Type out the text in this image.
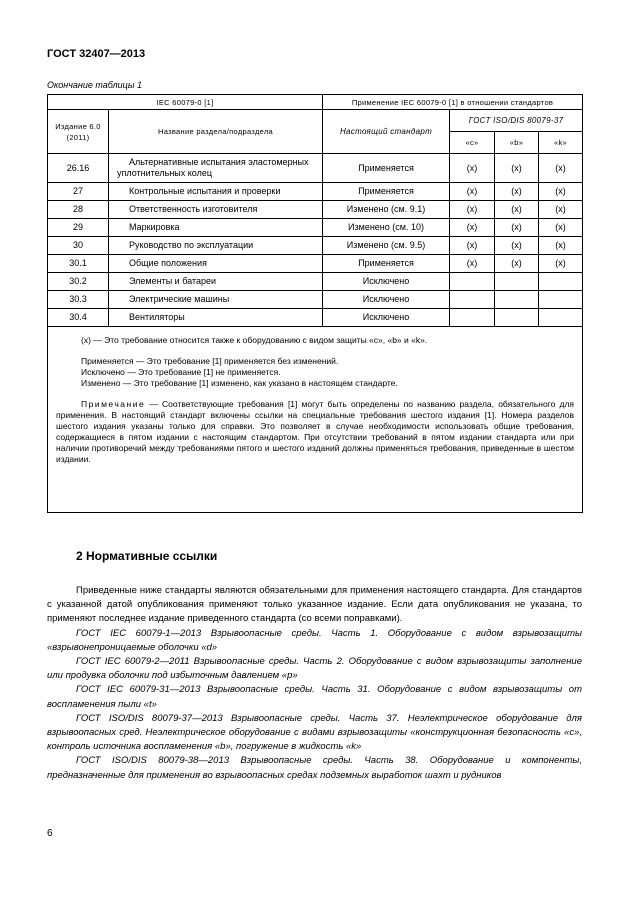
ГОСТ 32407—2013
Окончание таблицы 1
IEC 60079-0 [1]		Применение IEC 60079-0 [1] в отношении стандартов			
Издание 6.0 (2011)	Название раздела/подраздела	Настоящий стандарт	ГОСТ ISO/DIS 80079-37		
			«c»	«b»	«k»
26.16	Альтернативные испытания эластомерных уплотнительных колец	Применяется	(x)	(x)	(x)
27	Контрольные испытания и проверки	Применяется	(x)	(x)	(x)
28	Ответственность изготовителя	Изменено (см. 9.1)	(x)	(x)	(x)
29	Маркировка	Изменено (см. 10)	(x)	(x)	(x)
30	Руководство по эксплуатации	Изменено (см. 9.5)	(x)	(x)	(x)
30.1	Общие положения	Применяется	(x)	(x)	(x)
30.2	Элементы и батареи	Исключено			
30.3	Электрические машины	Исключено			
30.4	Вентиляторы	Исключено			

(x) — Это требование относится также к оборудованию с видом защиты «с», «b» и «k».

Применяется — Это требование [1] применяется без изменений.

Исключено — Это требование [1] не применяется.

Изменено — Это требование [1] изменено, как указано в настоящем стандарте.

Примечание — Соответствующие требования [1] могут быть определены по названию раздела, обязательного для применения. В настоящий стандарт включены ссылки на специальные требования шестого издания [1]. Номера разделов шестого издания указаны только для справки. Это позволяет в случае необходимости использовать общие требования, содержащиеся в пятом издании с настоящим стандартом. При отсутствии требований в пятом издании стандарта или при наличии противоречий между требованиями пятого и шестого изданий должны применяться требования, приведенные в шестом издании.					

2 Нормативные ссылки

Приведенные ниже стандарты являются обязательными для применения настоящего стандарта. Для стандартов с указанной датой опубликования применяют только указанное издание. Если дата опубликования не указана, то применяют последнее издание приведенного стандарта (со всеми поправками).

ГОСТ IEC 60079-1—2013 Взрывоопасные среды. Часть 1. Оборудование с видом взрывозащиты «взрывонепроницаемые оболочки «d»

ГОСТ IEC 60079-2—2011 Взрывоопасные среды. Часть 2. Оборудование с видом взрывозащиты заполнение или продувка оболочки под избыточным давлением «р»

ГОСТ IEC 60079-31—2013 Взрывоопасные среды. Часть 31. Оборудование с видом взрывозащиты от воспламенения пыли «t»

ГОСТ ISO/DIS 80079-37—2013 Взрывоопасные среды. Часть 37. Неэлектрическое оборудование для взрывоопасных сред. Неэлектрическое оборудование с видами взрывозащиты «конструкционная безопасность «с», контроль источника воспламенения «b», погружение в жидкость «k»

ГОСТ ISO/DIS 80079-38—2013 Взрывоопасные среды. Часть 38. Оборудование и компоненты, предназначенные для применения во взрывоопасных средах подземных выработок шахт и рудников

6
